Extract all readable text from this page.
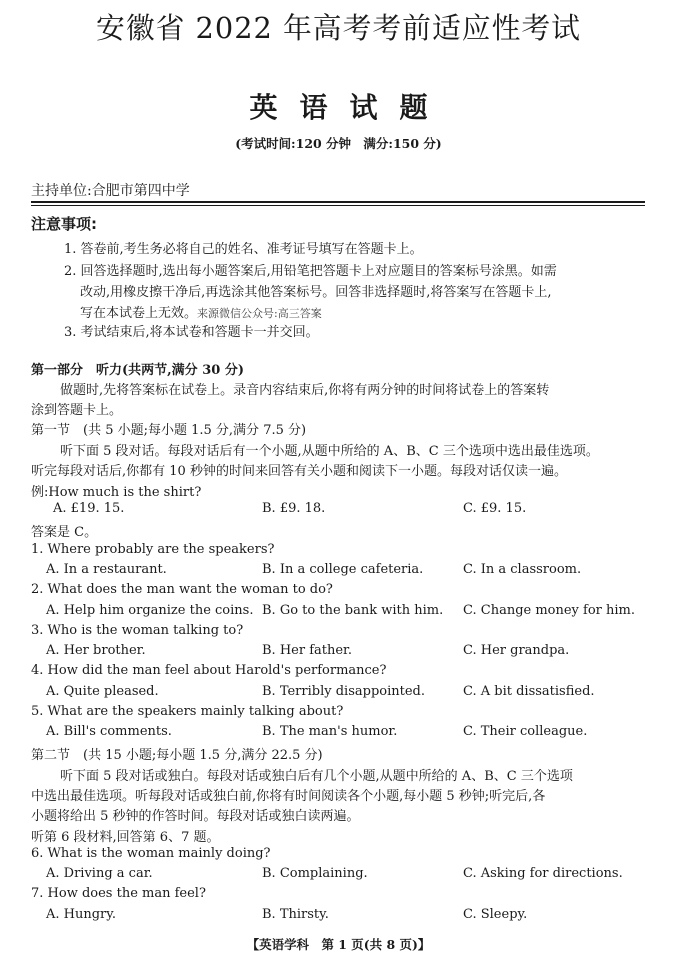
安徽省 2022 年高考考前适应性考试
英语试题
(考试时间:120 分钟　满分:150 分)
主持单位:合肥市第四中学
注意事项:
1. 答卷前,考生务必将自己的姓名、准考证号填写在答题卡上。
2. 回答选择题时,选出每小题答案后,用铅笔把答题卡上对应题目的答案标号涂黑。如需
改动,用橡皮擦干净后,再选涂其他答案标号。回答非选择题时,将答案写在答题卡上,
写在本试卷上无效。来源微信公众号:高三答案
3. 考试结束后,将本试卷和答题卡一并交回。
第一部分　听力(共两节,满分 30 分)
做题时,先将答案标在试卷上。录音内容结束后,你将有两分钟的时间将试卷上的答案转
涂到答题卡上。
第一节　(共 5 小题;每小题 1.5 分,满分 7.5 分)
听下面 5 段对话。每段对话后有一个小题,从题中所给的 A、B、C 三个选项中选出最佳选项。
听完每段对话后,你都有 10 秒钟的时间来回答有关小题和阅读下一小题。每段对话仅读一遍。
例:How much is the shirt?
A. £19. 15.	B. £9. 18.	C. £9. 15.
答案是 C。
1. Where probably are the speakers?
A. In a restaurant.	B. In a college cafeteria.	C. In a classroom.
2. What does the man want the woman to do?
A. Help him organize the coins. B. Go to the bank with him. C. Change money for him.
3. Who is the woman talking to?
A. Her brother.	B. Her father.	C. Her grandpa.
4. How did the man feel about Harold's performance?
A. Quite pleased.	B. Terribly disappointed.	C. A bit dissatisfied.
5. What are the speakers mainly talking about?
A. Bill's comments.	B. The man's humor.	C. Their colleague.
第二节　(共 15 小题;每小题 1.5 分,满分 22.5 分)
听下面 5 段对话或独白。每段对话或独白后有几个小题,从题中所给的 A、B、C 三个选项
中选出最佳选项。听每段对话或独白前,你将有时间阅读各个小题,每小题 5 秒钟;听完后,各
小题将给出 5 秒钟的作答时间。每段对话或独白读两遍。
听第 6 段材料,回答第 6、7 题。
6. What is the woman mainly doing?
A. Driving a car.	B. Complaining.	C. Asking for directions.
7. How does the man feel?
A. Hungry.	B. Thirsty.	C. Sleepy.
【英语学科　第 1 页(共 8 页)】
